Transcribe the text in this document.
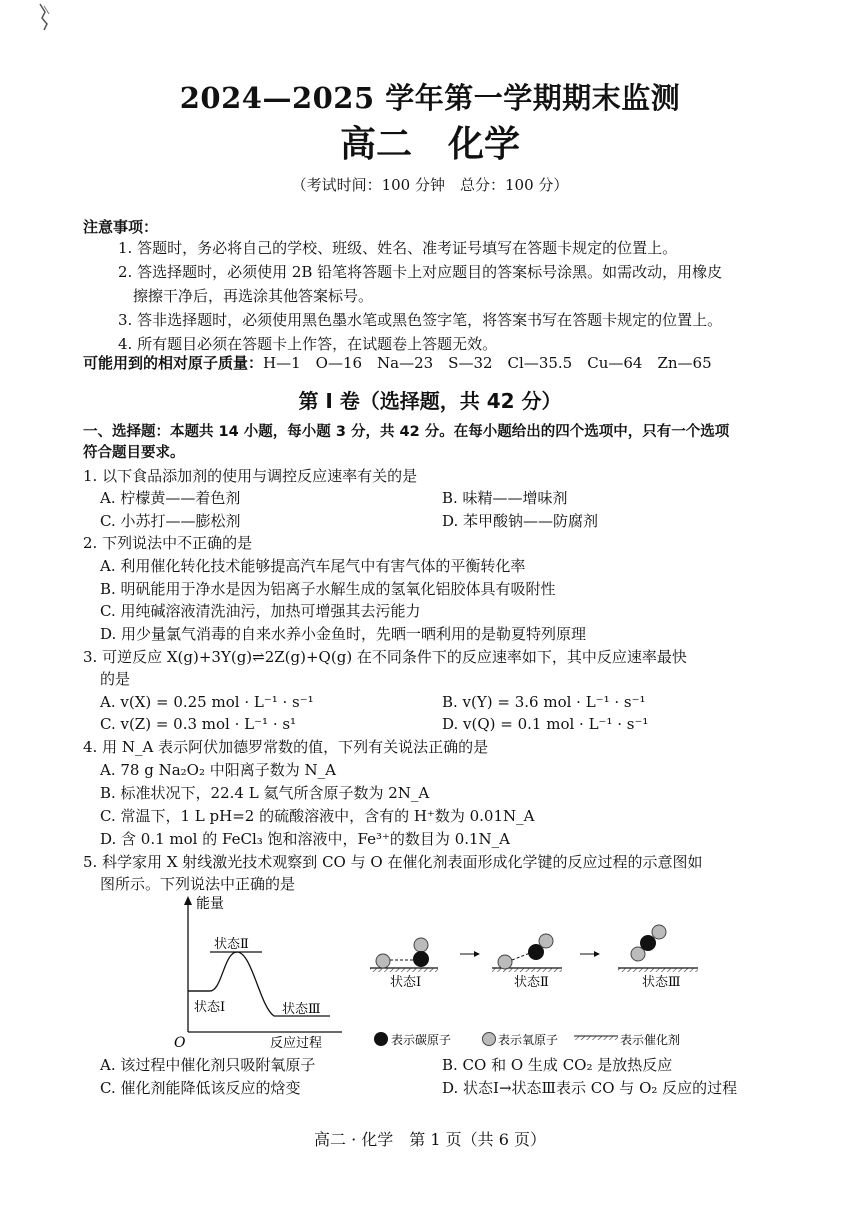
2024—2025 学年第一学期期末监测
高二　化学
（考试时间：100 分钟　总分：100 分）
注意事项：
1. 答题时，务必将自己的学校、班级、姓名、准考证号填写在答题卡规定的位置上。
2. 答选择题时，必须使用 2B 铅笔将答题卡上对应题目的答案标号涂黑。如需改动，用橡皮
擦擦干净后，再选涂其他答案标号。
3. 答非选择题时，必须使用黑色墨水笔或黑色签字笔，将答案书写在答题卡规定的位置上。
4. 所有题目必须在答题卡上作答，在试题卷上答题无效。
可能用到的相对原子质量：H—1　O—16　Na—23　S—32　Cl—35.5　Cu—64　Zn—65
第 Ⅰ 卷（选择题，共 42 分）
一、选择题：本题共 14 小题，每小题 3 分，共 42 分。在每小题给出的四个选项中，只有一个选项
符合题目要求。
1. 以下食品添加剂的使用与调控反应速率有关的是
A. 柠檬黄——着色剂	B. 味精——增味剂
C. 小苏打——膨松剂	D. 苯甲酸钠——防腐剂
2. 下列说法中不正确的是
A. 利用催化转化技术能够提高汽车尾气中有害气体的平衡转化率
B. 明矾能用于净水是因为铝离子水解生成的氢氧化铝胶体具有吸附性
C. 用纯碱溶液清洗油污，加热可增强其去污能力
D. 用少量氯气消毒的自来水养小金鱼时，先晒一晒利用的是勒夏特列原理
3. 可逆反应 X(g)+3Y(g)⇌2Z(g)+Q(g) 在不同条件下的反应速率如下，其中反应速率最快
的是
A. v(X) = 0.25 mol · L⁻¹ · s⁻¹	B. v(Y) = 3.6 mol · L⁻¹ · s⁻¹
C. v(Z) = 0.3 mol · L⁻¹ · s¹	D. v(Q) = 0.1 mol · L⁻¹ · s⁻¹
4. 用 N_A 表示阿伏加德罗常数的值，下列有关说法正确的是
A. 78 g Na₂O₂ 中阳离子数为 N_A
B. 标准状况下，22.4 L 氦气所含原子数为 2N_A
C. 常温下，1 L pH=2 的硫酸溶液中，含有的 H⁺数为 0.01N_A
D. 含 0.1 mol 的 FeCl₃ 饱和溶液中，Fe³⁺的数目为 0.1N_A
5. 科学家用 X 射线激光技术观察到 CO 与 O 在催化剂表面形成化学键的反应过程的示意图如
图所示。下列说法中正确的是
能量
O	反应过程
状态Ⅱ
状态Ⅰ	状态Ⅲ
状态Ⅰ	状态Ⅱ	状态Ⅲ
表示碳原子	表示氧原子	表示催化剂
A. 该过程中催化剂只吸附氧原子	B. CO 和 O 生成 CO₂ 是放热反应
C. 催化剂能降低该反应的焓变	D. 状态Ⅰ→状态Ⅲ表示 CO 与 O₂ 反应的过程
高二 · 化学　第 1 页（共 6 页）
